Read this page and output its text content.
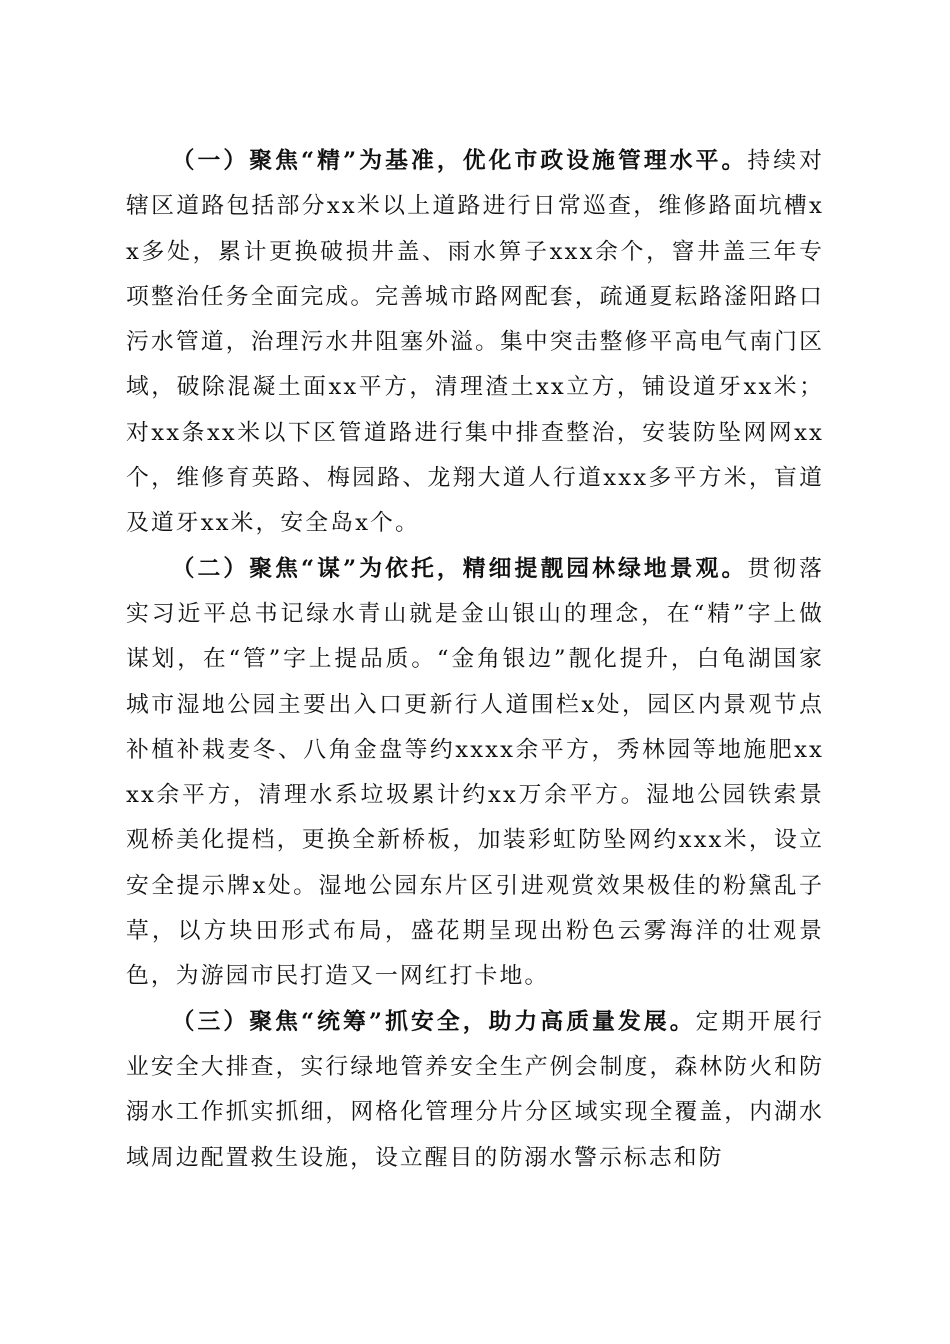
（一）聚焦“精”为基准，优化市政设施管理水平。持续对辖区道路包括部分xx米以上道路进行日常巡查，维修路面坑槽xx多处，累计更换破损井盖、雨水箅子xxx余个，窨井盖三年专项整治任务全面完成。完善城市路网配套，疏通夏耘路滏阳路口污水管道，治理污水井阻塞外溢。集中突击整修平高电气南门区域，破除混凝土面xx平方，清理渣土xx立方，铺设道牙xx米；对xx条xx米以下区管道路进行集中排查整治，安装防坠网网xx个，维修育英路、梅园路、龙翔大道人行道xxx多平方米，盲道及道牙xx米，安全岛x个。

（二）聚焦“谋”为依托，精细提靓园林绿地景观。贯彻落实习近平总书记绿水青山就是金山银山的理念，在“精”字上做谋划，在“管”字上提品质。“金角银边”靓化提升，白龟湖国家城市湿地公园主要出入口更新行人道围栏x处，园区内景观节点补植补栽麦冬、八角金盘等约xxxx余平方，秀林园等地施肥xxxx余平方，清理水系垃圾累计约xx万余平方。湿地公园铁索景观桥美化提档，更换全新桥板，加装彩虹防坠网约xxx米，设立安全提示牌x处。湿地公园东片区引进观赏效果极佳的粉黛乱子草，以方块田形式布局，盛花期呈现出粉色云雾海洋的壮观景色，为游园市民打造又一网红打卡地。

（三）聚焦“统筹”抓安全，助力高质量发展。定期开展行业安全大排查，实行绿地管养安全生产例会制度，森林防火和防溺水工作抓实抓细，网格化管理分片分区域实现全覆盖，内湖水域周边配置救生设施，设立醒目的防溺水警示标志和防
